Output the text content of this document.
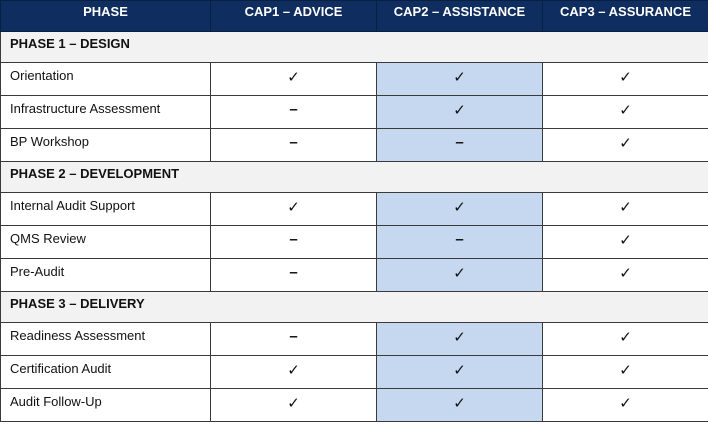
PHASE	CAP1 – ADVICE	CAP2 – ASSISTANCE	CAP3 – ASSURANCE
PHASE 1 – DESIGN			
Orientation	✓	✓	✓
Infrastructure Assessment	–	✓	✓
BP Workshop	–	–	✓
PHASE 2 – DEVELOPMENT			
Internal Audit Support	✓	✓	✓
QMS Review	–	–	✓
Pre-Audit	–	✓	✓
PHASE 3 – DELIVERY			
Readiness Assessment	–	✓	✓
Certification Audit	✓	✓	✓
Audit Follow-Up	✓	✓	✓
